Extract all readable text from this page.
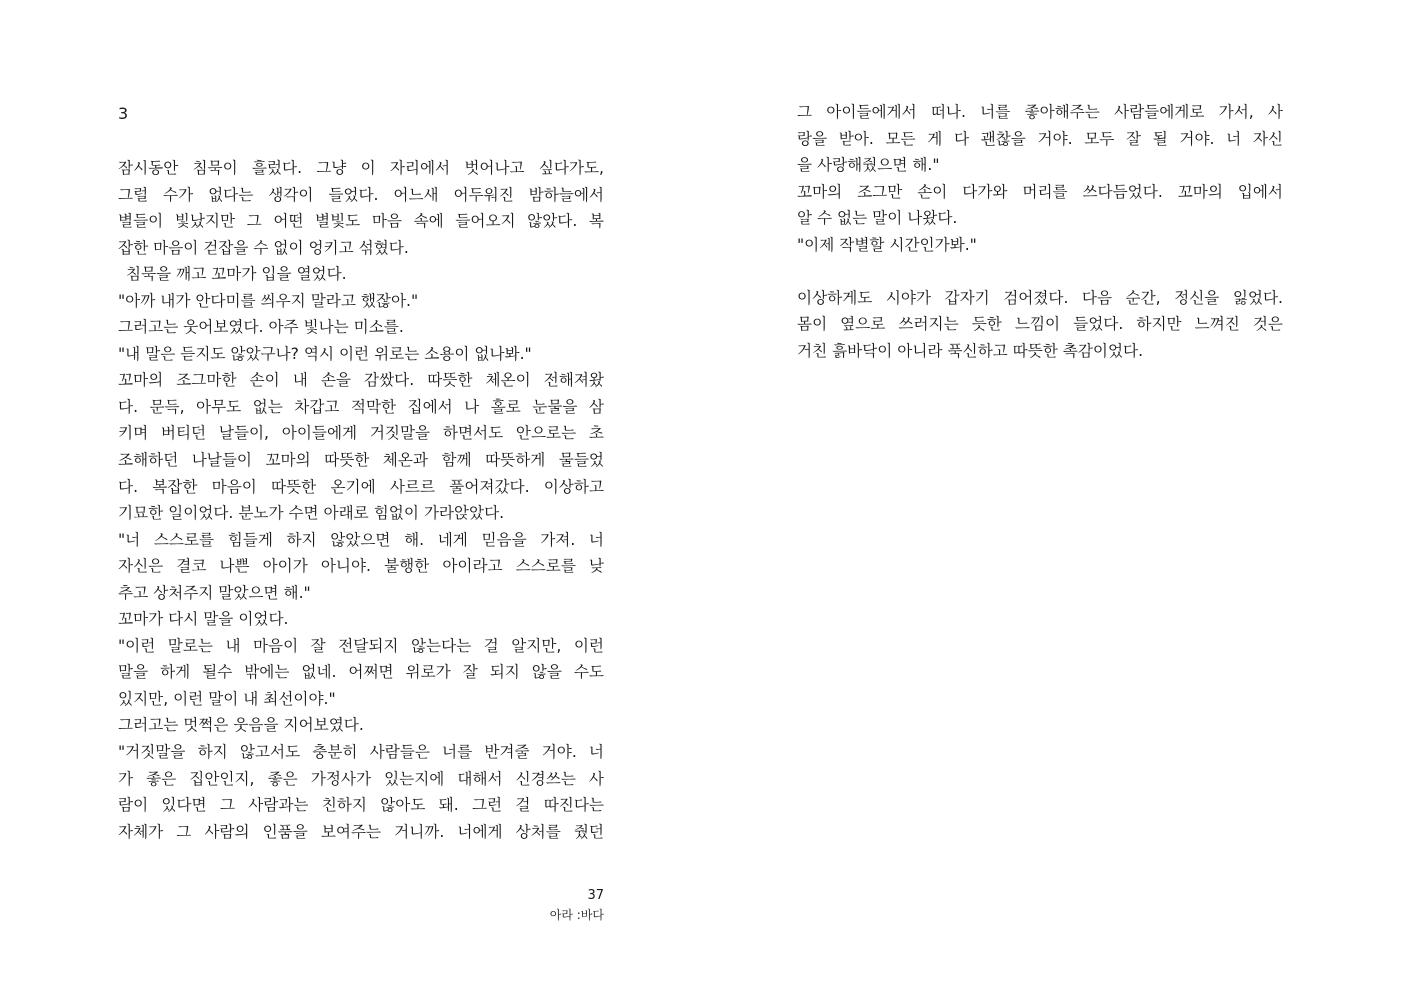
3

잠시동안 침묵이 흘렀다. 그냥 이 자리에서 벗어나고 싶다가도,
그럴 수가 없다는 생각이 들었다. 어느새 어두워진 밤하늘에서
별들이 빛났지만 그 어떤 별빛도 마음 속에 들어오지 않았다. 복
잡한 마음이 걷잡을 수 없이 엉키고 섞혔다.
침묵을 깨고 꼬마가 입을 열었다.
"아까 내가 안다미를 씌우지 말라고 했잖아."
그러고는 웃어보였다. 아주 빛나는 미소를.
"내 말은 듣지도 않았구나? 역시 이런 위로는 소용이 없나봐."
꼬마의 조그마한 손이 내 손을 감쌌다. 따뜻한 체온이 전해져왔
다. 문득, 아무도 없는 차갑고 적막한 집에서 나 홀로 눈물을 삼
키며 버티던 날들이, 아이들에게 거짓말을 하면서도 안으로는 초
조해하던 나날들이 꼬마의 따뜻한 체온과 함께 따뜻하게 물들었
다. 복잡한 마음이 따뜻한 온기에 사르르 풀어져갔다. 이상하고
기묘한 일이었다. 분노가 수면 아래로 힘없이 가라앉았다.
"너 스스로를 힘들게 하지 않았으면 해. 네게 믿음을 가져. 너
자신은 결코 나쁜 아이가 아니야. 불행한 아이라고 스스로를 낮
추고 상처주지 말았으면 해."
꼬마가 다시 말을 이었다.
"이런 말로는 내 마음이 잘 전달되지 않는다는 걸 알지만, 이런
말을 하게 될수 밖에는 없네. 어쩌면 위로가 잘 되지 않을 수도
있지만, 이런 말이 내 최선이야."
그러고는 멋쩍은 웃음을 지어보였다.
"거짓말을 하지 않고서도 충분히 사람들은 너를 반겨줄 거야. 너
가 좋은 집안인지, 좋은 가정사가 있는지에 대해서 신경쓰는 사
람이 있다면 그 사람과는 친하지 않아도 돼. 그런 걸 따진다는
자체가 그 사람의 인품을 보여주는 거니까. 너에게 상처를 줬던

37

아라 :바다

그 아이들에게서 떠나. 너를 좋아해주는 사람들에게로 가서, 사
랑을 받아. 모든 게 다 괜찮을 거야. 모두 잘 될 거야. 너 자신
을 사랑해줬으면 해."
꼬마의 조그만 손이 다가와 머리를 쓰다듬었다. 꼬마의 입에서
알 수 없는 말이 나왔다.
"이제 작별할 시간인가봐."
이상하게도 시야가 갑자기 검어졌다. 다음 순간, 정신을 잃었다.
몸이 옆으로 쓰러지는 듯한 느낌이 들었다. 하지만 느껴진 것은
거친 흙바닥이 아니라 푹신하고 따뜻한 촉감이었다.
